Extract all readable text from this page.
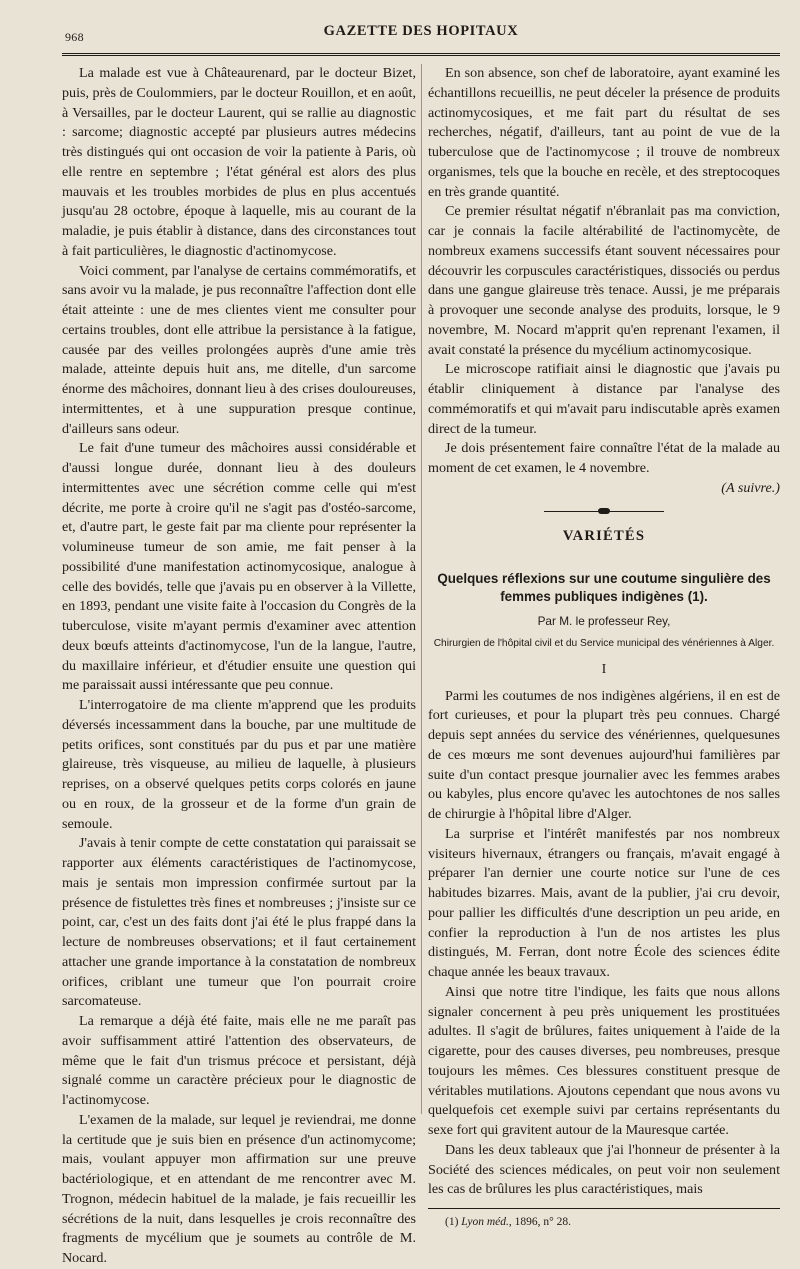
968	GAZETTE DES HOPITAUX

La malade est vue à Châteaurenard, par le docteur Bizet, puis, près de Coulommiers, par le docteur Rouillon, et en août, à Versailles, par le docteur Laurent, qui se rallie au diagnostic : sarcome; diagnostic accepté par plusieurs autres médecins très distingués qui ont occasion de voir la patiente à Paris, où elle rentre en septembre ; l'état général est alors des plus mauvais et les troubles morbides de plus en plus accentués jusqu'au 28 octobre, époque à laquelle, mis au courant de la maladie, je puis établir à distance, dans des circonstances tout à fait particulières, le diagnostic d'actinomycose.

Voici comment, par l'analyse de certains commémoratifs, et sans avoir vu la malade, je pus reconnaître l'affection dont elle était atteinte : une de mes clientes vient me consulter pour certains troubles, dont elle attribue la persistance à la fatigue, causée par des veilles prolongées auprès d'une amie très malade, atteinte depuis huit ans, me ditelle, d'un sarcome énorme des mâchoires, donnant lieu à des crises douloureuses, intermittentes, et à une suppuration presque continue, d'ailleurs sans odeur.

Le fait d'une tumeur des mâchoires aussi considérable et d'aussi longue durée, donnant lieu à des douleurs intermittentes avec une sécrétion comme celle qui m'est décrite, me porte à croire qu'il ne s'agit pas d'ostéo-sarcome, et, d'autre part, le geste fait par ma cliente pour représenter la volumineuse tumeur de son amie, me fait penser à la possibilité d'une manifestation actinomycosique, analogue à celle des bovidés, telle que j'avais pu en observer à la Villette, en 1893, pendant une visite faite à l'occasion du Congrès de la tuberculose, visite m'ayant permis d'examiner avec attention deux bœufs atteints d'actinomycose, l'un de la langue, l'autre, du maxillaire inférieur, et d'étudier ensuite une question qui me paraissait aussi intéressante que peu connue.

L'interrogatoire de ma cliente m'apprend que les produits déversés incessamment dans la bouche, par une multitude de petits orifices, sont constitués par du pus et par une matière glaireuse, très visqueuse, au milieu de laquelle, à plusieurs reprises, on a observé quelques petits corps colorés en jaune ou en roux, de la grosseur et de la forme d'un grain de semoule.

J'avais à tenir compte de cette constatation qui paraissait se rapporter aux éléments caractéristiques de l'actinomycose, mais je sentais mon impression confirmée surtout par la présence de fistulettes très fines et nombreuses ; j'insiste sur ce point, car, c'est un des faits dont j'ai été le plus frappé dans la lecture de nombreuses observations; et il faut certainement attacher une grande importance à la constatation de nombreux orifices, criblant une tumeur que l'on pourrait croire sarcomateuse.

La remarque a déjà été faite, mais elle ne me paraît pas avoir suffisamment attiré l'attention des observateurs, de même que le fait d'un trismus précoce et persistant, déjà signalé comme un caractère précieux pour le diagnostic de l'actinomycose.

L'examen de la malade, sur lequel je reviendrai, me donne la certitude que je suis bien en présence d'un actinomycome; mais, voulant appuyer mon affirmation sur une preuve bactériologique, et en attendant de me rencontrer avec M. Trognon, médecin habituel de la malade, je fais recueillir les sécrétions de la nuit, dans lesquelles je crois reconnaître des fragments de mycélium que je soumets au contrôle de M. Nocard.

En son absence, son chef de laboratoire, ayant examiné les échantillons recueillis, ne peut déceler la présence de produits actinomycosiques, et me fait part du résultat de ses recherches, négatif, d'ailleurs, tant au point de vue de la tuberculose que de l'actinomycose ; il trouve de nombreux organismes, tels que la bouche en recèle, et des streptocoques en très grande quantité.

Ce premier résultat négatif n'ébranlait pas ma conviction, car je connais la facile altérabilité de l'actinomycète, de nombreux examens successifs étant souvent nécessaires pour découvrir les corpuscules caractéristiques, dissociés ou perdus dans une gangue glaireuse très tenace. Aussi, je me préparais à provoquer une seconde analyse des produits, lorsque, le 9 novembre, M. Nocard m'apprit qu'en reprenant l'examen, il avait constaté la présence du mycélium actinomycosique.

Le microscope ratifiait ainsi le diagnostic que j'avais pu établir cliniquement à distance par l'analyse des commémoratifs et qui m'avait paru indiscutable après examen direct de la tumeur.

Je dois présentement faire connaître l'état de la malade au moment de cet examen, le 4 novembre.

(A suivre.)

VARIÉTÉS
Quelques réflexions sur une coutume singulière des femmes publiques indigènes (1).
Par M. le professeur Rey,
Chirurgien de l'hôpital civil et du Service municipal des vénériennes à Alger.
I

Parmi les coutumes de nos indigènes algériens, il en est de fort curieuses, et pour la plupart très peu connues. Chargé depuis sept années du service des vénériennes, quelquesunes de ces mœurs me sont devenues aujourd'hui familières par suite d'un contact presque journalier avec les femmes arabes ou kabyles, plus encore qu'avec les autochtones de nos salles de chirurgie à l'hôpital libre d'Alger.

La surprise et l'intérêt manifestés par nos nombreux visiteurs hivernaux, étrangers ou français, m'avait engagé à préparer l'an dernier une courte notice sur l'une de ces habitudes bizarres. Mais, avant de la publier, j'ai cru devoir, pour pallier les difficultés d'une description un peu aride, en confier la reproduction à l'un de nos artistes les plus distingués, M. Ferran, dont notre École des sciences édite chaque année les beaux travaux.

Ainsi que notre titre l'indique, les faits que nous allons signaler concernent à peu près uniquement les prostituées adultes. Il s'agit de brûlures, faites uniquement à l'aide de la cigarette, pour des causes diverses, peu nombreuses, presque toujours les mêmes. Ces blessures constituent presque de véritables mutilations. Ajoutons cependant que nous avons vu quelquefois cet exemple suivi par certains représentants du sexe fort qui gravitent autour de la Mauresque cartée.

Dans les deux tableaux que j'ai l'honneur de présenter à la Société des sciences médicales, on peut voir non seulement les cas de brûlures les plus caractéristiques, mais

(1) Lyon méd., 1896, n° 28.
